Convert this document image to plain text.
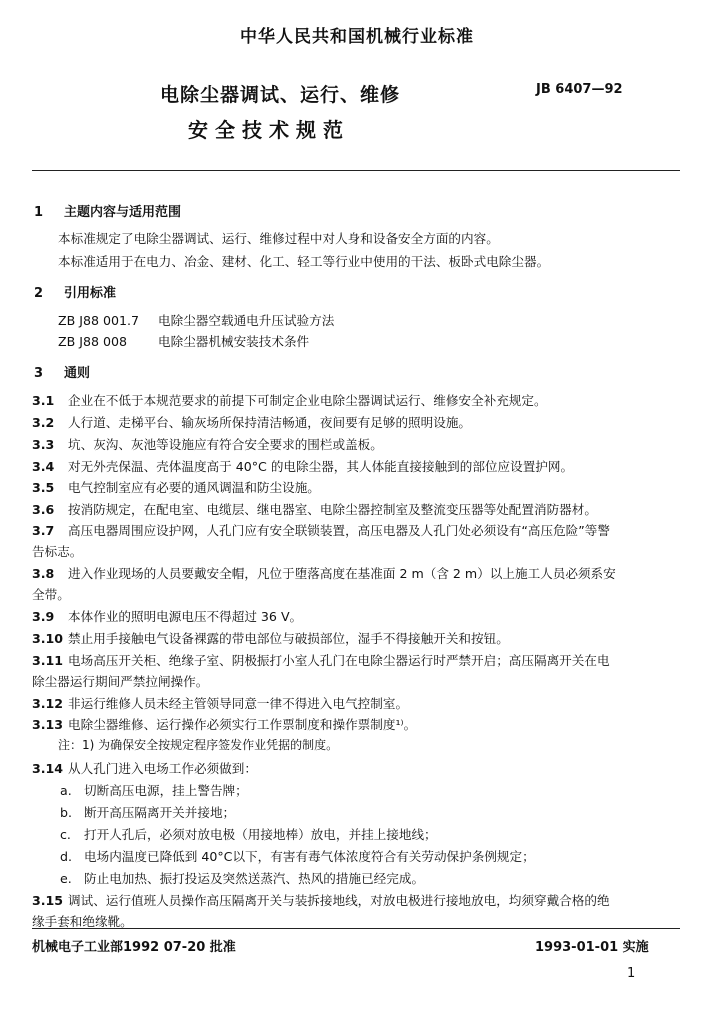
中华人民共和国机械行业标准
电除尘器调试、运行、维修
安全技术规范
JB 6407—92
1 主题内容与适用范围
本标准规定了电除尘器调试、运行、维修过程中对人身和设备安全方面的内容。
本标准适用于在电力、冶金、建材、化工、轻工等行业中使用的干法、板卧式电除尘器。
2 引用标准
ZB J88 001.7 电除尘器空载通电升压试验方法
ZB J88 008 电除尘器机械安装技术条件
3 通则
3.1 企业在不低于本规范要求的前提下可制定企业电除尘器调试运行、维修安全补充规定。
3.2 人行道、走梯平台、输灰场所保持清洁畅通，夜间要有足够的照明设施。
3.3 坑、灰沟、灰池等设施应有符合安全要求的围栏或盖板。
3.4 对无外壳保温、壳体温度高于 40°C 的电除尘器，其人体能直接接触到的部位应设置护网。
3.5 电气控制室应有必要的通风调温和防尘设施。
3.6 按消防规定，在配电室、电缆层、继电器室、电除尘器控制室及整流变压器等处配置消防器材。
3.7 高压电器周围应设护网，人孔门应有安全联锁装置，高压电器及人孔门处必须设有“高压危险”等警
告标志。
3.8 进入作业现场的人员要戴安全帽，凡位于堕落高度在基准面 2 m（含 2 m）以上施工人员必须系安
全带。
3.9 本体作业的照明电源电压不得超过 36 V。
3.10 禁止用手接触电气设备裸露的带电部位与破损部位，湿手不得接触开关和按钮。
3.11 电场高压开关柜、绝缘子室、阴极振打小室人孔门在电除尘器运行时严禁开启；高压隔离开关在电
除尘器运行期间严禁拉闸操作。
3.12 非运行维修人员未经主管领导同意一律不得进入电气控制室。
3.13 电除尘器维修、运行操作必须实行工作票制度和操作票制度¹⁾。
注：1) 为确保安全按规定程序签发作业凭据的制度。
3.14 从人孔门进入电场工作必须做到：
a. 切断高压电源，挂上警告牌；
b. 断开高压隔离开关并接地；
c. 打开人孔后，必须对放电极（用接地棒）放电，并挂上接地线；
d. 电场内温度已降低到 40°C以下，有害有毒气体浓度符合有关劳动保护条例规定；
e. 防止电加热、振打投运及突然送蒸汽、热风的措施已经完成。
3.15 调试、运行值班人员操作高压隔离开关与装拆接地线，对放电极进行接地放电，均须穿戴合格的绝
缘手套和绝缘靴。
机械电子工业部1992 07-20 批准	1993-01-01 实施
1
